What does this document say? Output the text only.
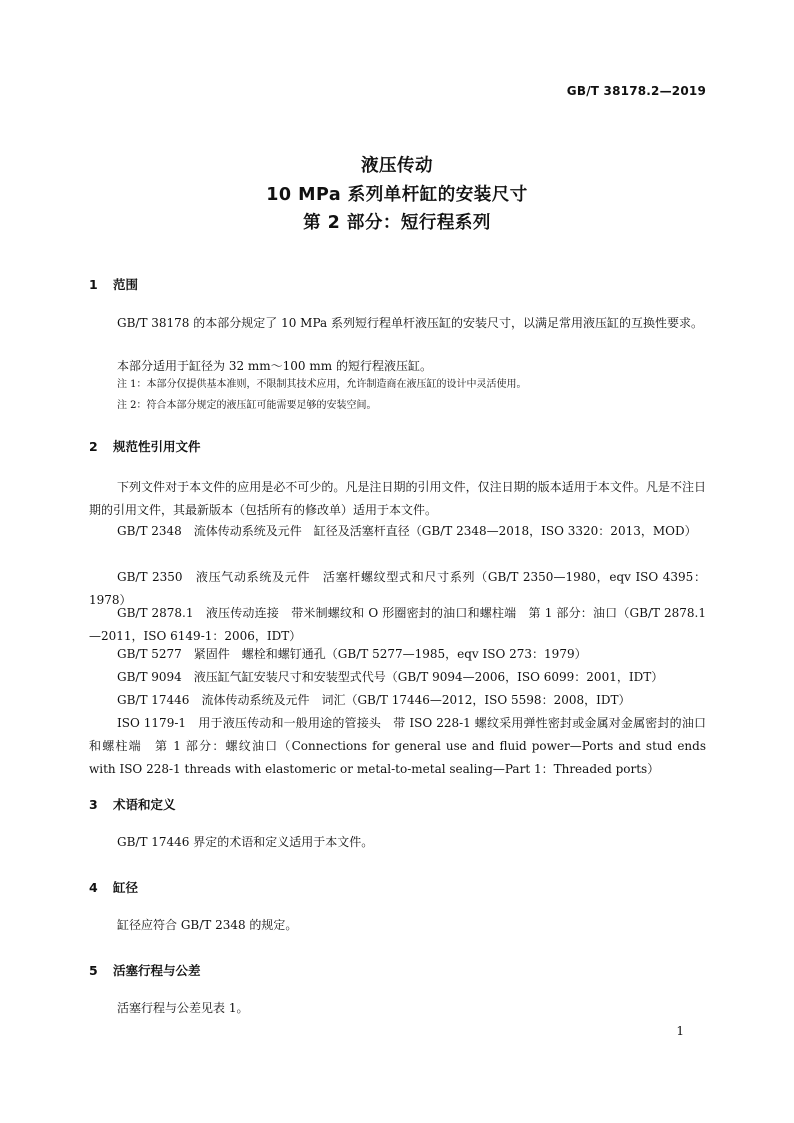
GB/T 38178.2—2019
液压传动
10 MPa 系列单杆缸的安装尺寸
第 2 部分：短行程系列
1 范围

GB/T 38178 的本部分规定了 10 MPa 系列短行程单杆液压缸的安装尺寸，以满足常用液压缸的互换性要求。

本部分适用于缸径为 32 mm～100 mm 的短行程液压缸。

注 1：本部分仅提供基本准则，不限制其技术应用，允许制造商在液压缸的设计中灵活使用。

注 2：符合本部分规定的液压缸可能需要足够的安装空间。

2 规范性引用文件

下列文件对于本文件的应用是必不可少的。凡是注日期的引用文件，仅注日期的版本适用于本文件。凡是不注日期的引用文件，其最新版本（包括所有的修改单）适用于本文件。

GB/T 2348　流体传动系统及元件　缸径及活塞杆直径（GB/T 2348—2018，ISO 3320：2013，MOD）

GB/T 2350　液压气动系统及元件　活塞杆螺纹型式和尺寸系列（GB/T 2350—1980，eqv ISO 4395：1978）

GB/T 2878.1　液压传动连接　带米制螺纹和 O 形圈密封的油口和螺柱端　第 1 部分：油口（GB/T 2878.1—2011，ISO 6149-1：2006，IDT）

GB/T 5277　紧固件　螺栓和螺钉通孔（GB/T 5277—1985，eqv ISO 273：1979）

GB/T 9094　液压缸气缸安装尺寸和安装型式代号（GB/T 9094—2006，ISO 6099：2001，IDT）

GB/T 17446　流体传动系统及元件　词汇（GB/T 17446—2012，ISO 5598：2008，IDT）

ISO 1179-1　用于液压传动和一般用途的管接头　带 ISO 228-1 螺纹采用弹性密封或金属对金属密封的油口和螺柱端　第 1 部分：螺纹油口（Connections for general use and fluid power—Ports and stud ends with ISO 228-1 threads with elastomeric or metal-to-metal sealing—Part 1：Threaded ports）

3 术语和定义

GB/T 17446 界定的术语和定义适用于本文件。

4 缸径

缸径应符合 GB/T 2348 的规定。

5 活塞行程与公差

活塞行程与公差见表 1。

1
